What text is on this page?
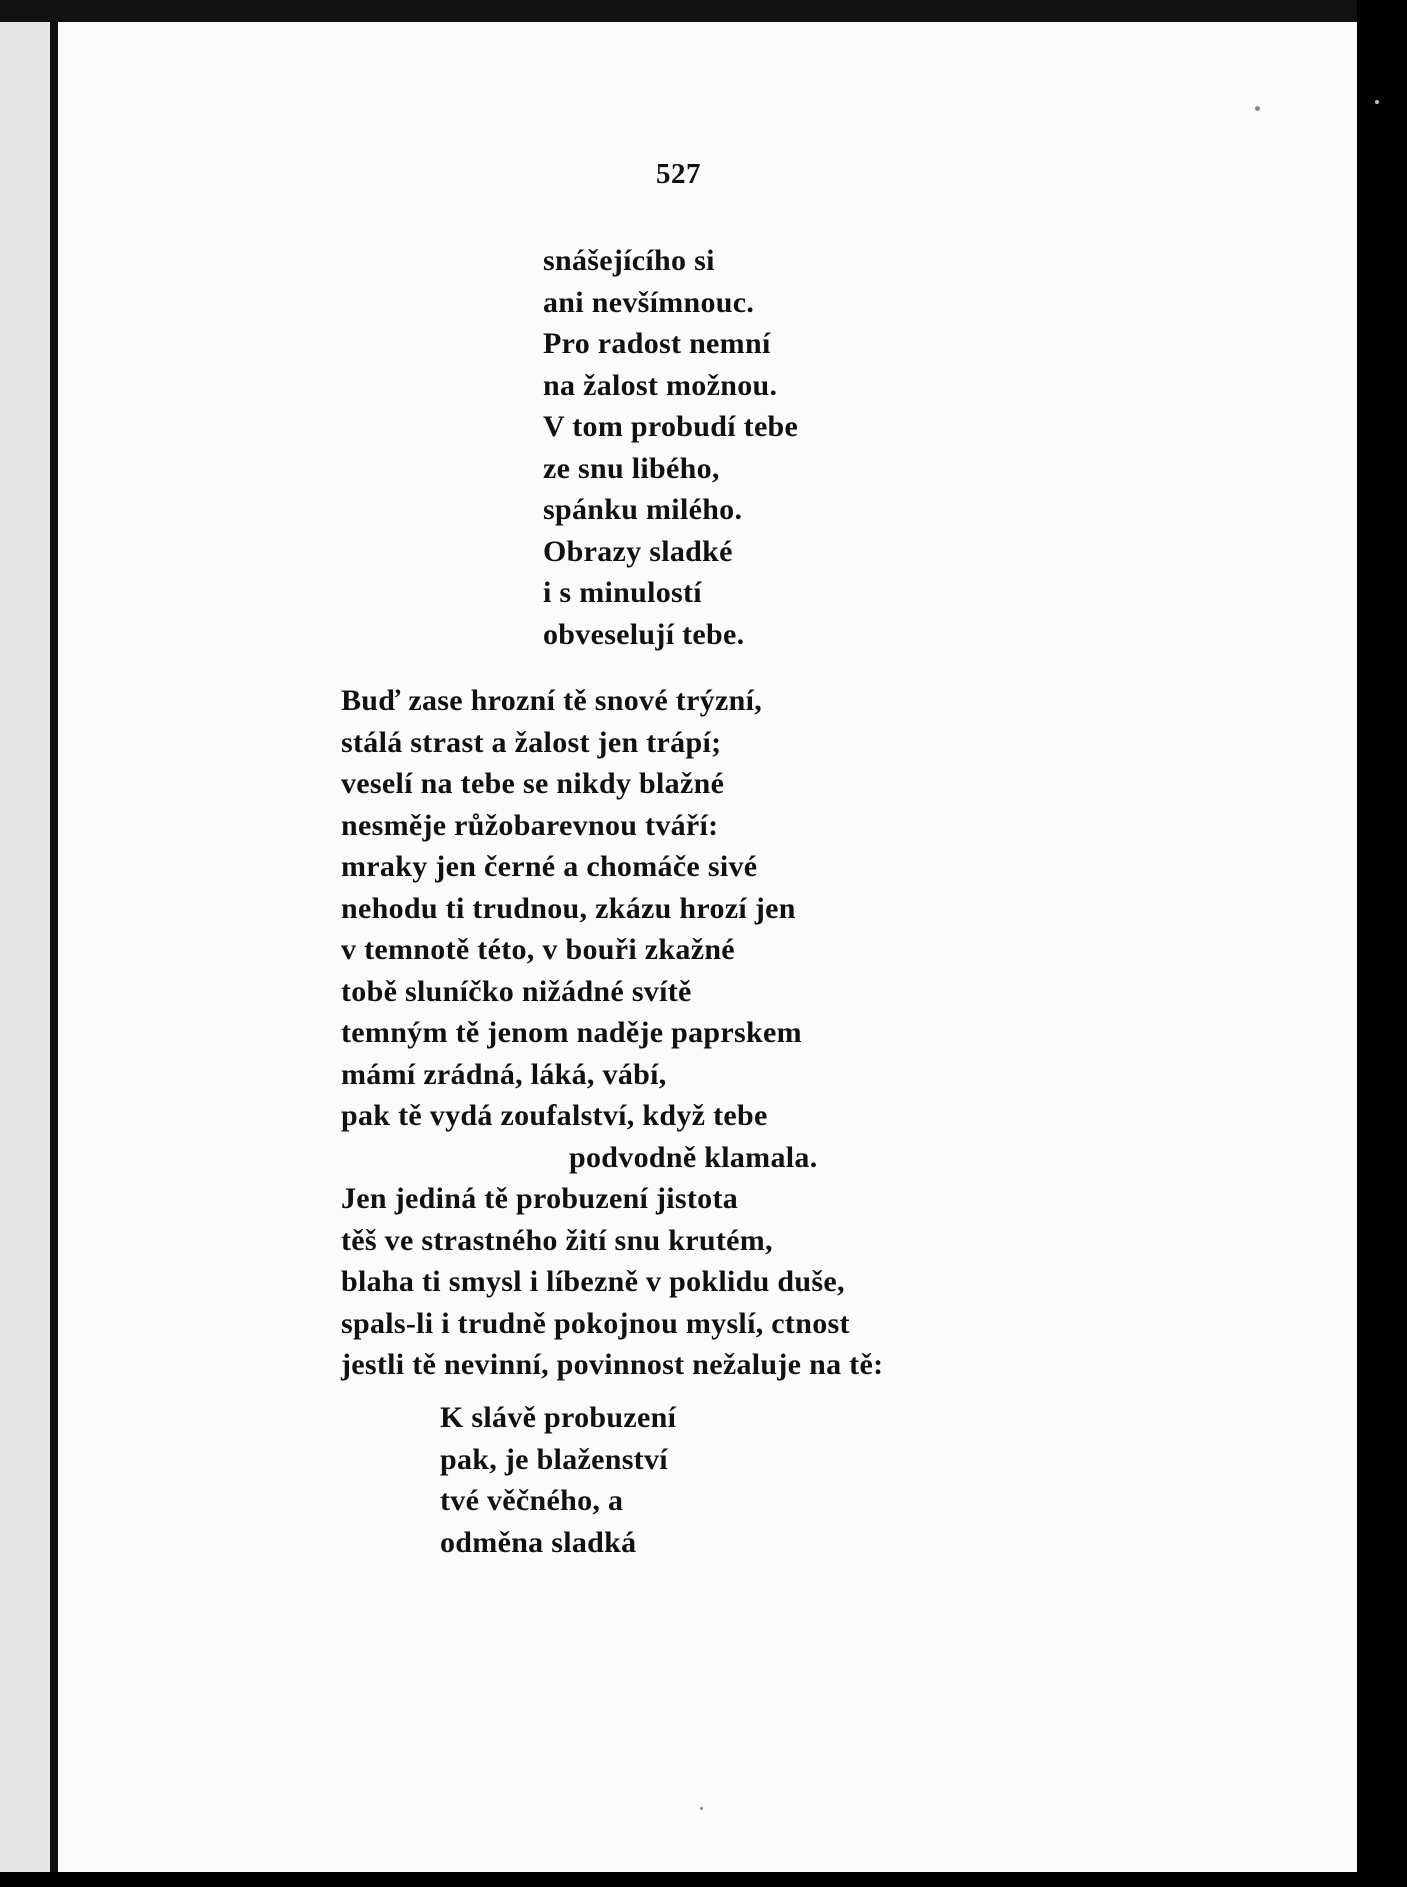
527
snášejícího si
ani nevšímnouc.
Pro radost nemní
na žalost možnou.
V tom probudí tebe
ze snu libého,
spánku milého.
Obrazy sladké
i s minulostí
obveselují tebe.
Buď zase hrozní tě snové trýzní,
stálá strast a žalost jen trápí;
veselí na tebe se nikdy blažné
nesměje růžobarevnou tváří:
mraky jen černé a chomáče sivé
nehodu ti trudnou, zkázu hrozí jen
v temnotě této, v bouři zkažné
tobě sluníčko nižádné svítě
temným tě jenom naděje paprskem
mámí zrádná, láká, vábí,
pak tě vydá zoufalství, když tebe
podvodně klamala.
Jen jediná tě probuzení jistota
těš ve strastného žití snu krutém,
blaha ti smysl i líbezně v poklidu duše,
spals-li i trudně pokojnou myslí, ctnost
jestli tě nevinní, povinnost nežaluje na tě:
K slávě probuzení
pak, je blaženství
tvé věčného, a
odměna sladká
